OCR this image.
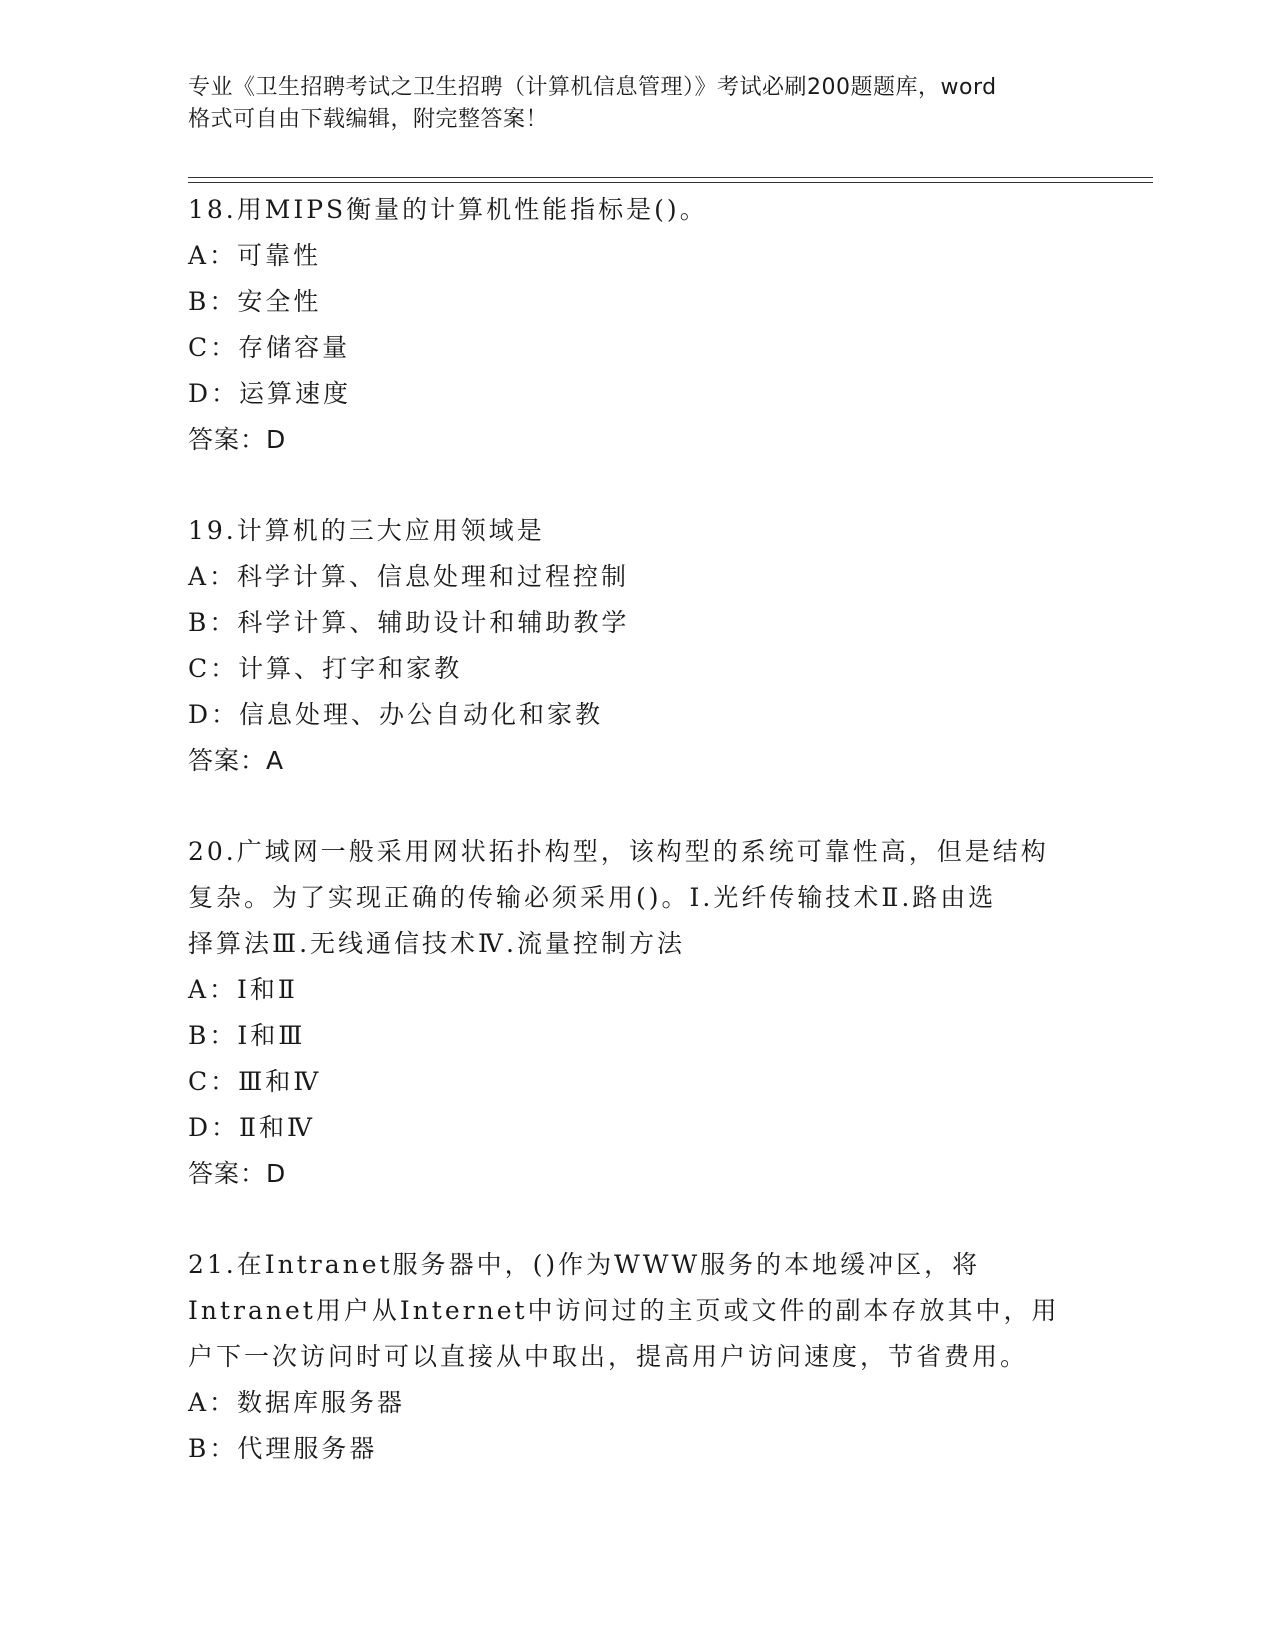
专业《卫生招聘考试之卫生招聘（计算机信息管理）》考试必刷200题题库，word
格式可自由下载编辑，附完整答案！
18.用MIPS衡量的计算机性能指标是()。
A：可靠性
B：安全性
C：存储容量
D：运算速度
答案：D
19.计算机的三大应用领域是
A：科学计算、信息处理和过程控制
B：科学计算、辅助设计和辅助教学
C：计算、打字和家教
D：信息处理、办公自动化和家教
答案：A
20.广域网一般采用网状拓扑构型，该构型的系统可靠性高，但是结构
复杂。为了实现正确的传输必须采用()。Ⅰ.光纤传输技术Ⅱ.路由选
择算法Ⅲ.无线通信技术Ⅳ.流量控制方法
A：Ⅰ和Ⅱ
B：Ⅰ和Ⅲ
C：Ⅲ和Ⅳ
D：Ⅱ和Ⅳ
答案：D
21.在Intranet服务器中，()作为WWW服务的本地缓冲区，将
Intranet用户从Internet中访问过的主页或文件的副本存放其中，用
户下一次访问时可以直接从中取出，提高用户访问速度，节省费用。
A：数据库服务器
B：代理服务器
